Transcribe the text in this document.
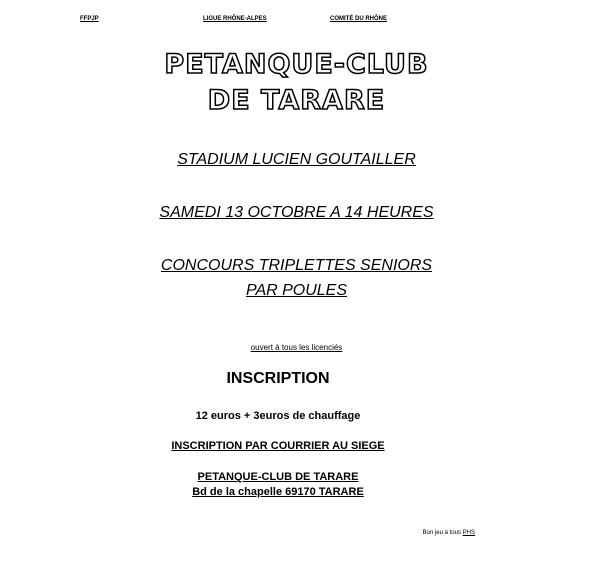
FFPJP	LIGUE RHÔNE-ALPES	COMITÉ DU RHÔNE
PETANQUE-CLUB
DE TARARE
STADIUM LUCIEN GOUTAILLER
SAMEDI 13 OCTOBRE A 14 HEURES
CONCOURS TRIPLETTES SENIORS
PAR POULES
ouvert à tous les licenciés
INSCRIPTION
12 euros + 3euros de chauffage
INSCRIPTION PAR COURRIER AU SIEGE
PETANQUE-CLUB DE TARARE
Bd de la chapelle 69170 TARARE
Bon jeu à tous PHS
